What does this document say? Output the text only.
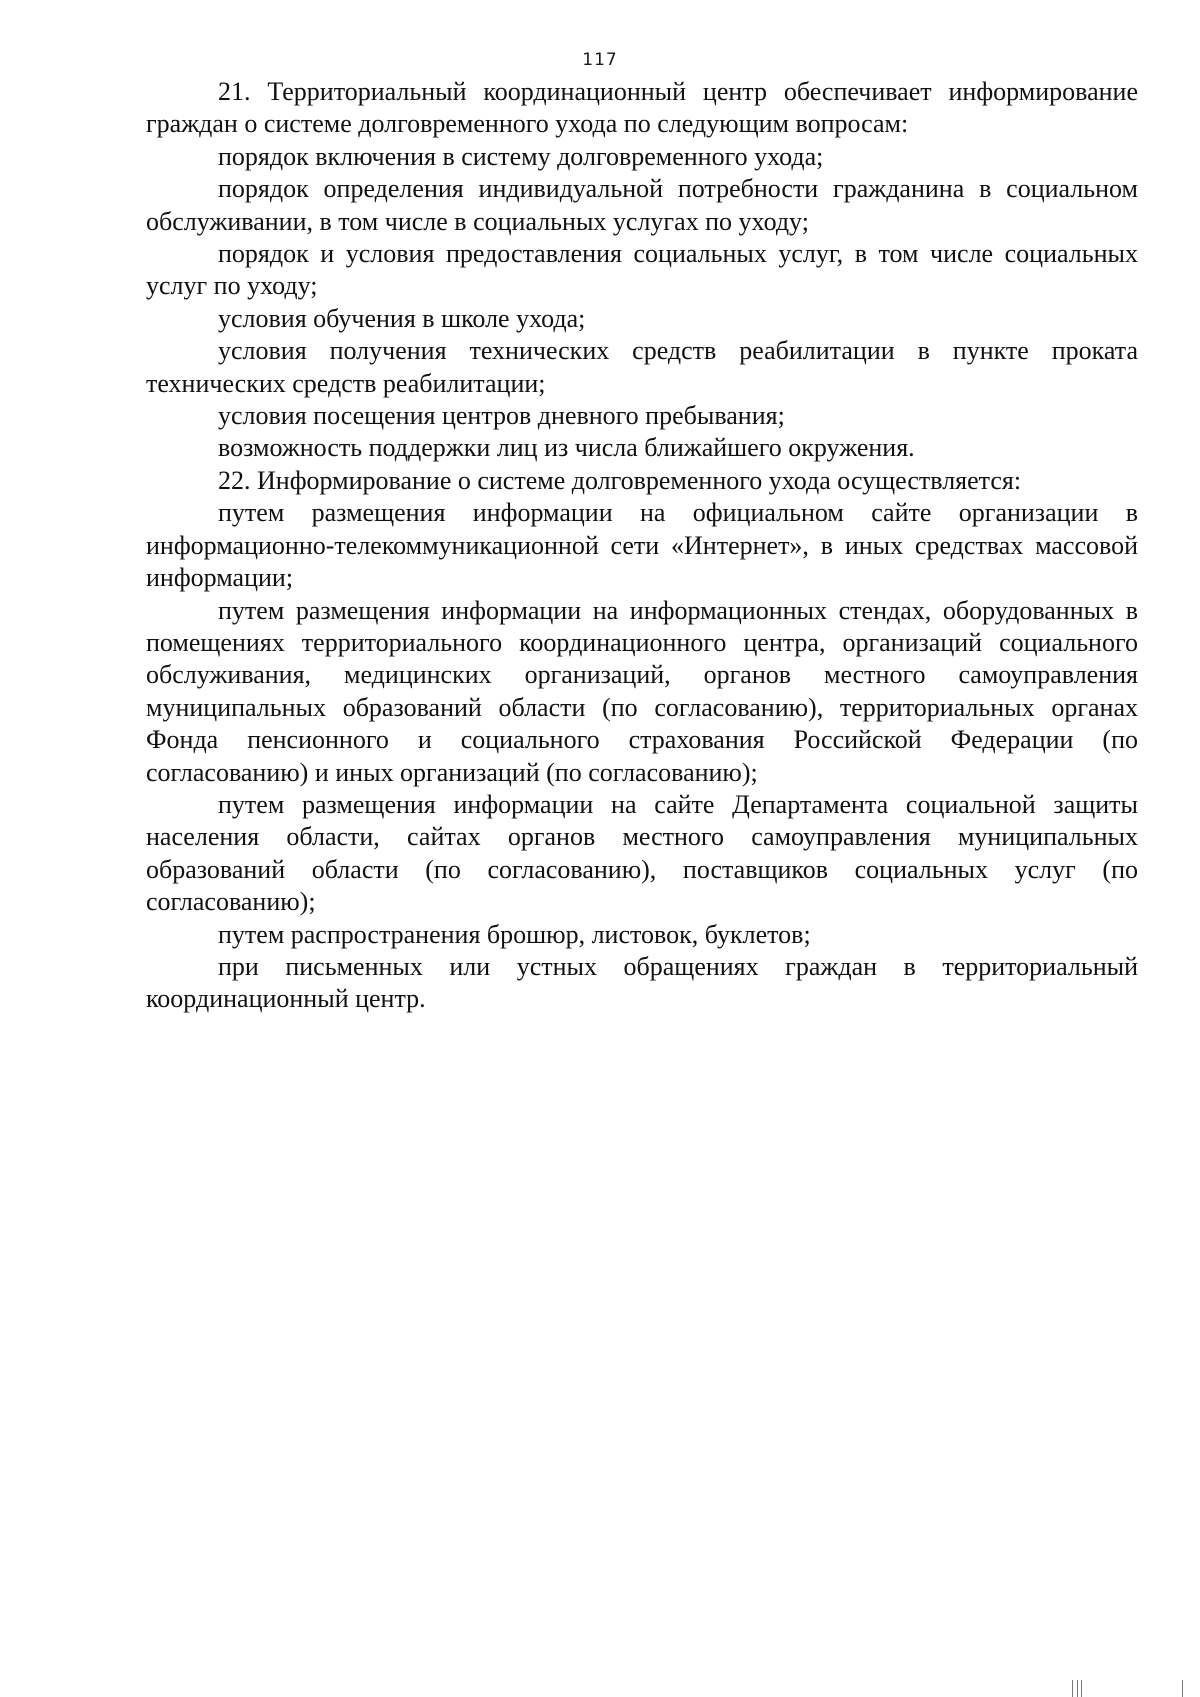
117

21. Территориальный координационный центр обеспечивает информирование граждан о системе долговременного ухода по следующим вопросам:

порядок включения в систему долговременного ухода;

порядок определения индивидуальной потребности гражданина в социальном обслуживании, в том числе в социальных услугах по уходу;

порядок и условия предоставления социальных услуг, в том числе социальных услуг по уходу;

условия обучения в школе ухода;

условия получения технических средств реабилитации в пункте проката технических средств реабилитации;

условия посещения центров дневного пребывания;

возможность поддержки лиц из числа ближайшего окружения.

22. Информирование о системе долговременного ухода осуществляется:

путем размещения информации на официальном сайте организации в информационно-телекоммуникационной сети «Интернет», в иных средствах массовой информации;

путем размещения информации на информационных стендах, оборудованных в помещениях территориального координационного центра, организаций социального обслуживания, медицинских организаций, органов местного самоуправления муниципальных образований области (по согласованию), территориальных органах Фонда пенсионного и социального страхования Российской Федерации (по согласованию) и иных организаций (по согласованию);

путем размещения информации на сайте Департамента социальной защиты населения области, сайтах органов местного самоуправления муниципальных образований области (по согласованию), поставщиков социальных услуг (по согласованию);

путем распространения брошюр, листовок, буклетов;

при письменных или устных обращениях граждан в территориальный координационный центр.
